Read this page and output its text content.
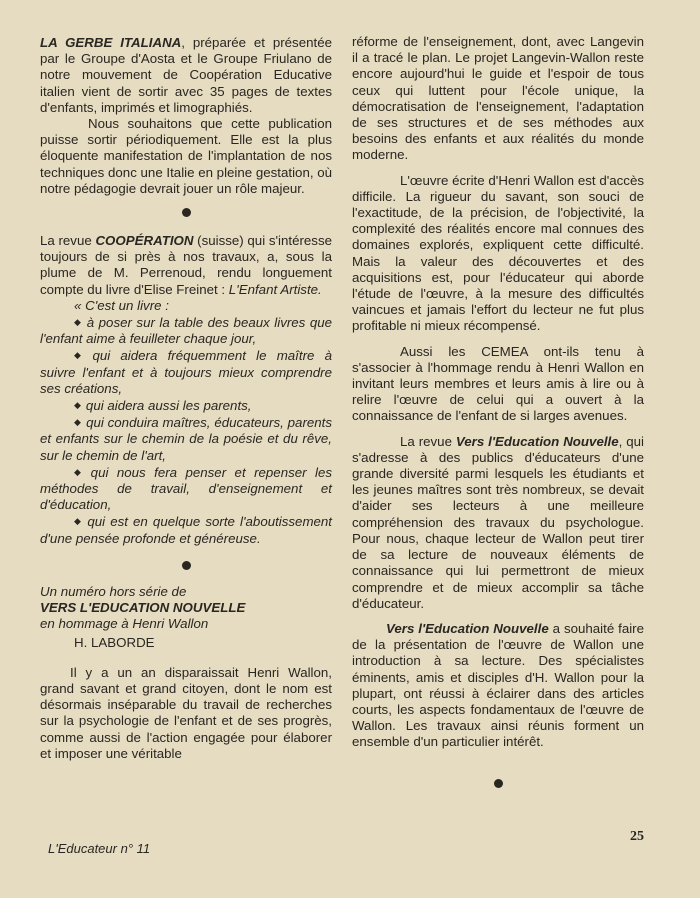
LA GERBE ITALIANA, préparée et présentée par le Groupe d'Aosta et le Groupe Friulano de notre mouvement de Coopération Educative italien vient de sortir avec 35 pages de textes d'enfants, imprimés et limographiés.

Nous souhaitons que cette publication puisse sortir périodiquement. Elle est la plus éloquente manifestation de l'implantation de nos techniques donc une Italie en pleine gestation, où notre pédagogie devrait jouer un rôle majeur.

La revue COOPÉRATION (suisse) qui s'intéresse toujours de si près à nos travaux, a, sous la plume de M. Perrenoud, rendu longuement compte du livre d'Elise Freinet : L'Enfant Artiste.

« C'est un livre :

◆ à poser sur la table des beaux livres que l'enfant aime à feuilleter chaque jour,

◆ qui aidera fréquemment le maître à suivre l'enfant et à toujours mieux comprendre ses créations,

◆ qui aidera aussi les parents,

◆ qui conduira maîtres, éducateurs, parents et enfants sur le chemin de la poésie et du rêve, sur le chemin de l'art,

◆ qui nous fera penser et repenser les méthodes de travail, d'enseignement et d'éducation,

◆ qui est en quelque sorte l'aboutissement d'une pensée profonde et généreuse.

Un numéro hors série de

VERS L'EDUCATION NOUVELLE

en hommage à Henri Wallon

H. LABORDE

Il y a un an disparaissait Henri Wallon, grand savant et grand citoyen, dont le nom est désormais inséparable du travail de recherches sur la psychologie de l'enfant et de ses progrès, comme aussi de l'action engagée pour élaborer et imposer une véritable

réforme de l'enseignement, dont, avec Langevin il a tracé le plan. Le projet Langevin-Wallon reste encore aujourd'hui le guide et l'espoir de tous ceux qui luttent pour l'école unique, la démocratisation de l'enseignement, l'adaptation de ses structures et de ses méthodes aux besoins des enfants et aux réalités du monde moderne.

L'œuvre écrite d'Henri Wallon est d'accès difficile. La rigueur du savant, son souci de l'exactitude, de la précision, de l'objectivité, la complexité des réalités encore mal connues des domaines explorés, expliquent cette difficulté. Mais la valeur des découvertes et des acquisitions est, pour l'éducateur qui aborde l'étude de l'œuvre, à la mesure des difficultés vaincues et jamais l'effort du lecteur ne fut plus profitable ni mieux récompensé.

Aussi les CEMEA ont-ils tenu à s'associer à l'hommage rendu à Henri Wallon en invitant leurs membres et leurs amis à lire ou à relire l'œuvre de celui qui a ouvert à la connaissance de l'enfant de si larges avenues.

La revue Vers l'Education Nouvelle, qui s'adresse à des publics d'éducateurs d'une grande diversité parmi lesquels les étudiants et les jeunes maîtres sont très nombreux, se devait d'aider ses lecteurs à une meilleure compréhension des travaux du psychologue. Pour nous, chaque lecteur de Wallon peut tirer de sa lecture de nouveaux éléments de connaissance qui lui permettront de mieux comprendre et de mieux accomplir sa tâche d'éducateur.

Vers l'Education Nouvelle a souhaité faire de la présentation de l'œuvre de Wallon une introduction à sa lecture. Des spécialistes éminents, amis et disciples d'H. Wallon pour la plupart, ont réussi à éclairer dans des articles courts, les aspects fondamentaux de l'œuvre de Wallon. Les travaux ainsi réunis forment un ensemble d'un particulier intérêt.

L'Educateur n° 11
25
